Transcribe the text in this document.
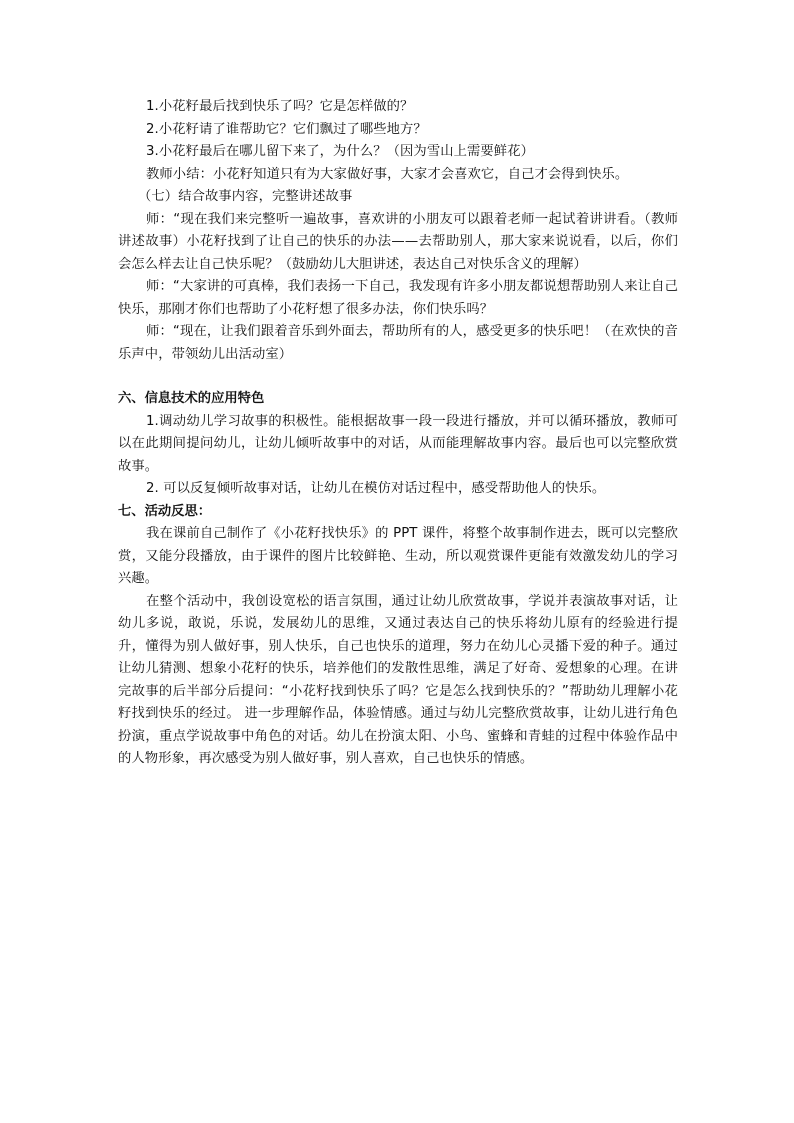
1.小花籽最后找到快乐了吗？它是怎样做的？

2.小花籽请了谁帮助它？它们飘过了哪些地方？

3.小花籽最后在哪儿留下来了，为什么？（因为雪山上需要鲜花）

教师小结：小花籽知道只有为大家做好事，大家才会喜欢它，自己才会得到快乐。

（七）结合故事内容，完整讲述故事

师：“现在我们来完整听一遍故事，喜欢讲的小朋友可以跟着老师一起试着讲讲看。（教师讲述故事）小花籽找到了让自己的快乐的办法——去帮助别人，那大家来说说看，以后，你们会怎么样去让自己快乐呢？（鼓励幼儿大胆讲述，表达自己对快乐含义的理解）

师：“大家讲的可真棒，我们表扬一下自己，我发现有许多小朋友都说想帮助别人来让自己快乐，那刚才你们也帮助了小花籽想了很多办法，你们快乐吗？

师：“现在，让我们跟着音乐到外面去，帮助所有的人，感受更多的快乐吧！（在欢快的音乐声中，带领幼儿出活动室）

六、信息技术的应用特色

1.调动幼儿学习故事的积极性。能根据故事一段一段进行播放，并可以循环播放，教师可以在此期间提问幼儿，让幼儿倾听故事中的对话，从而能理解故事内容。最后也可以完整欣赏故事。

2. 可以反复倾听故事对话，让幼儿在模仿对话过程中，感受帮助他人的快乐。

七、活动反思：

我在课前自己制作了《小花籽找快乐》的 PPT 课件，将整个故事制作进去，既可以完整欣赏，又能分段播放，由于课件的图片比较鲜艳、生动，所以观赏课件更能有效激发幼儿的学习兴趣。

在整个活动中，我创设宽松的语言氛围，通过让幼儿欣赏故事，学说并表演故事对话，让幼儿多说，敢说，乐说，发展幼儿的思维，又通过表达自己的快乐将幼儿原有的经验进行提升，懂得为别人做好事，别人快乐，自己也快乐的道理，努力在幼儿心灵播下爱的种子。通过让幼儿猜测、想象小花籽的快乐，培养他们的发散性思维，满足了好奇、爱想象的心理。在讲完故事的后半部分后提问：“小花籽找到快乐了吗？它是怎么找到快乐的？”帮助幼儿理解小花籽找到快乐的经过。 进一步理解作品，体验情感。通过与幼儿完整欣赏故事，让幼儿进行角色扮演，重点学说故事中角色的对话。幼儿在扮演太阳、小鸟、蜜蜂和青蛙的过程中体验作品中的人物形象，再次感受为别人做好事，别人喜欢，自己也快乐的情感。
